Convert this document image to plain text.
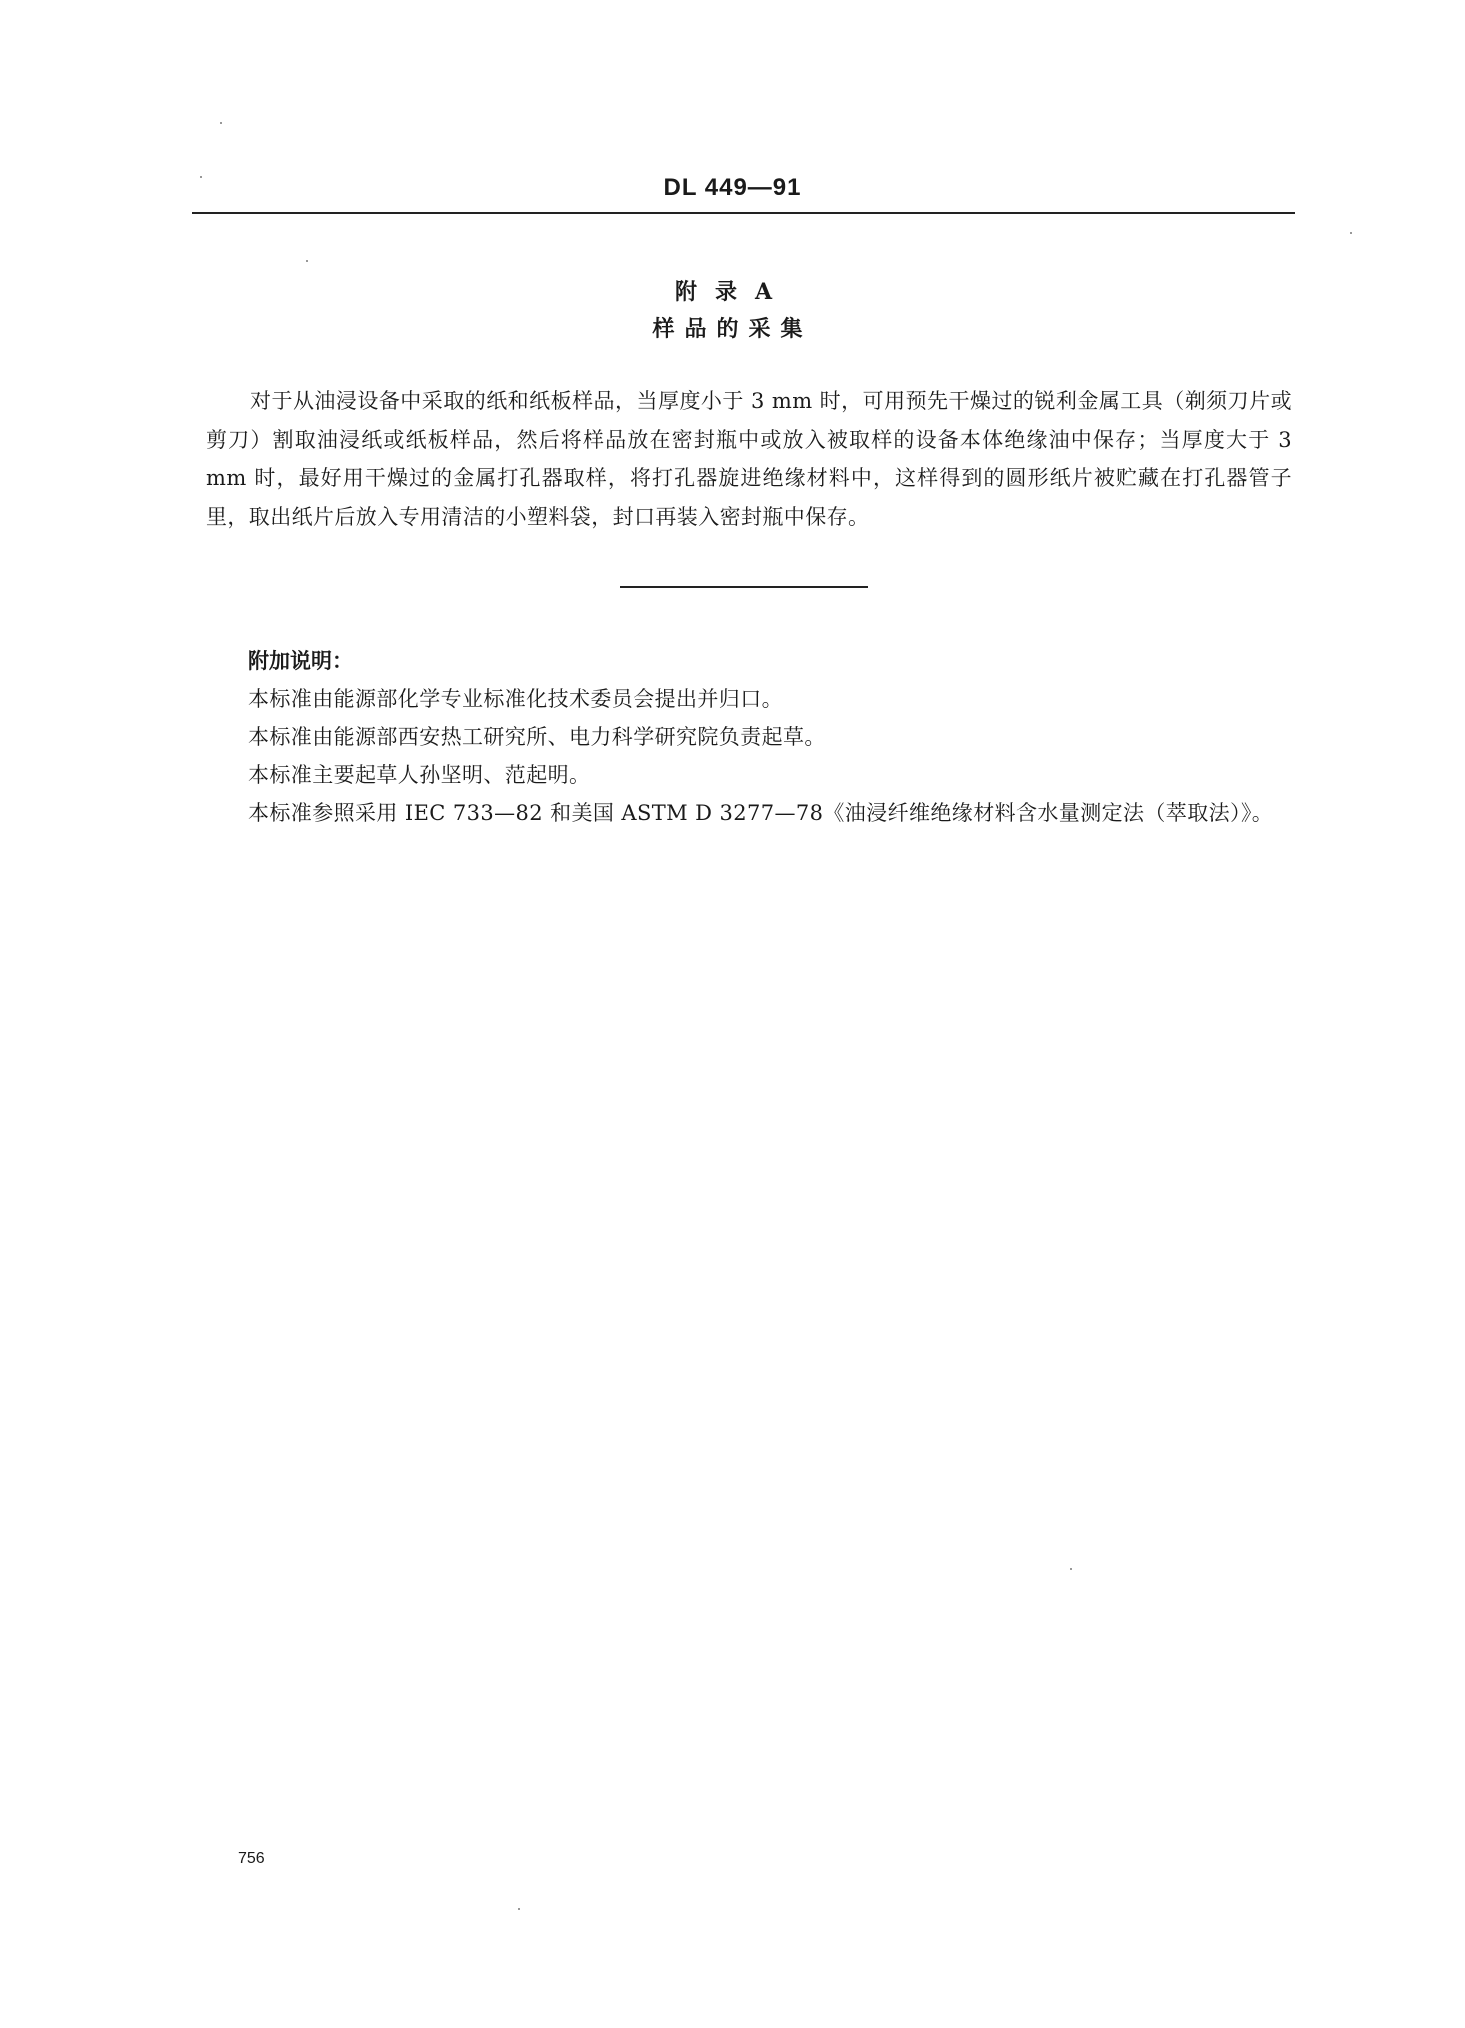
DL 449—91
附录A
样品的采集
对于从油浸设备中采取的纸和纸板样品，当厚度小于 3 mm 时，可用预先干燥过的锐利金属工具（剃须刀片或剪刀）割取油浸纸或纸板样品，然后将样品放在密封瓶中或放入被取样的设备本体绝缘油中保存；当厚度大于 3 mm 时，最好用干燥过的金属打孔器取样，将打孔器旋进绝缘材料中，这样得到的圆形纸片被贮藏在打孔器管子里，取出纸片后放入专用清洁的小塑料袋，封口再装入密封瓶中保存。
附加说明：
本标准由能源部化学专业标准化技术委员会提出并归口。
本标准由能源部西安热工研究所、电力科学研究院负责起草。
本标准主要起草人孙坚明、范起明。
本标准参照采用 IEC 733—82 和美国 ASTM D 3277—78《油浸纤维绝缘材料含水量测定法（萃取法）》。
756
